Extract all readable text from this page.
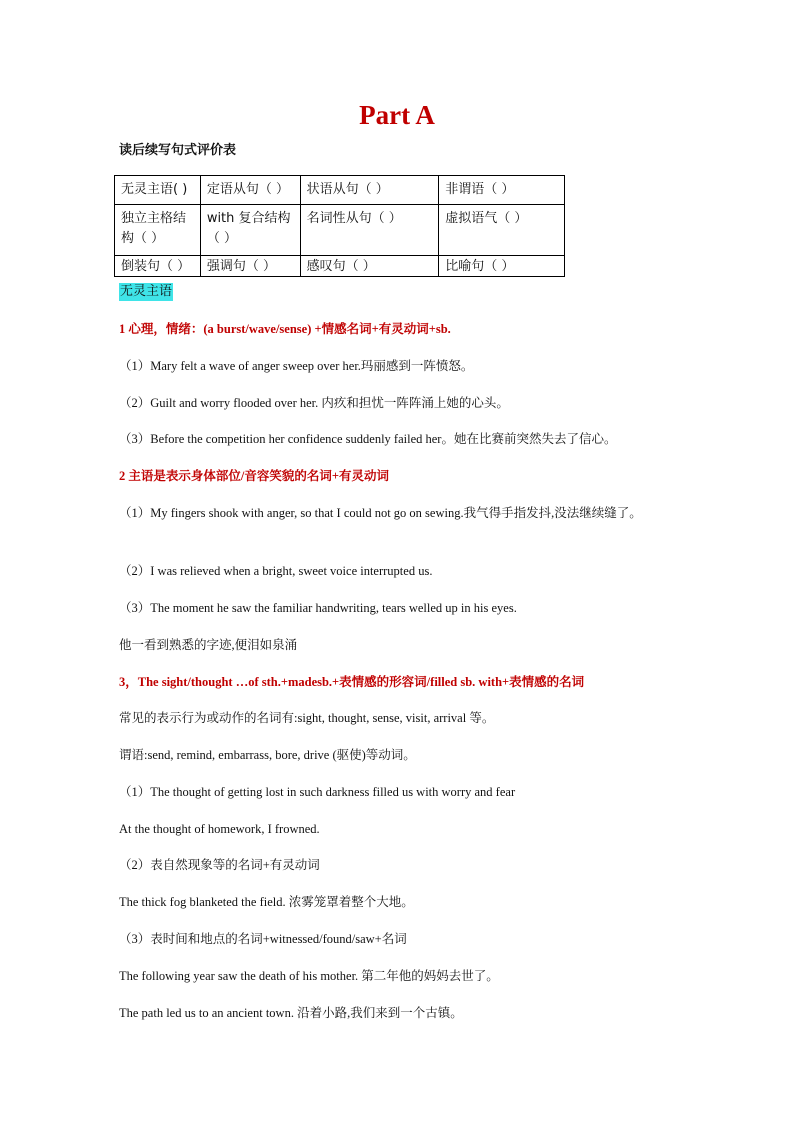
Part A
读后续写句式评价表
无灵主语( )	定语从句（ ）	状语从句（ ）	非谓语（ ）
独立主格结构（ ）	with 复合结构（ ）	名词性从句（ ）	虚拟语气（ ）
倒装句（ ）	强调句（ ）	感叹句（ ）	比喻句（ ）
无灵主语
1 心理，情绪：(a burst/wave/sense) +情感名词+有灵动词+sb.
（1）Mary felt a wave of anger sweep over her.玛丽感到一阵愤怒。
（2）Guilt and worry flooded over her. 内疚和担忧一阵阵涌上她的心头。
（3）Before the competition her confidence suddenly failed her。她在比赛前突然失去了信心。
2 主语是表示身体部位/音容笑貌的名词+有灵动词
（1）My fingers shook with anger, so that I could not go on sewing.我气得手指发抖,没法继续缝了。
（2）I was relieved when a bright, sweet voice interrupted us.
（3）The moment he saw the familiar handwriting, tears welled up in his eyes.
他一看到熟悉的字迹,便泪如泉涌
3，The sight/thought …of sth.+madesb.+表情感的形容词/filled sb. with+表情感的名词
常见的表示行为或动作的名词有:sight, thought, sense, visit, arrival 等。
谓语:send, remind, embarrass, bore, drive (驱使)等动词。
（1）The thought of getting lost in such darkness filled us with worry and fear
At the thought of homework, I frowned.
（2）表自然现象等的名词+有灵动词
The thick fog blanketed the field. 浓雾笼罩着整个大地。
（3）表时间和地点的名词+witnessed/found/saw+名词
The following year saw the death of his mother. 第二年他的妈妈去世了。
The path led us to an ancient town. 沿着小路,我们来到一个古镇。
